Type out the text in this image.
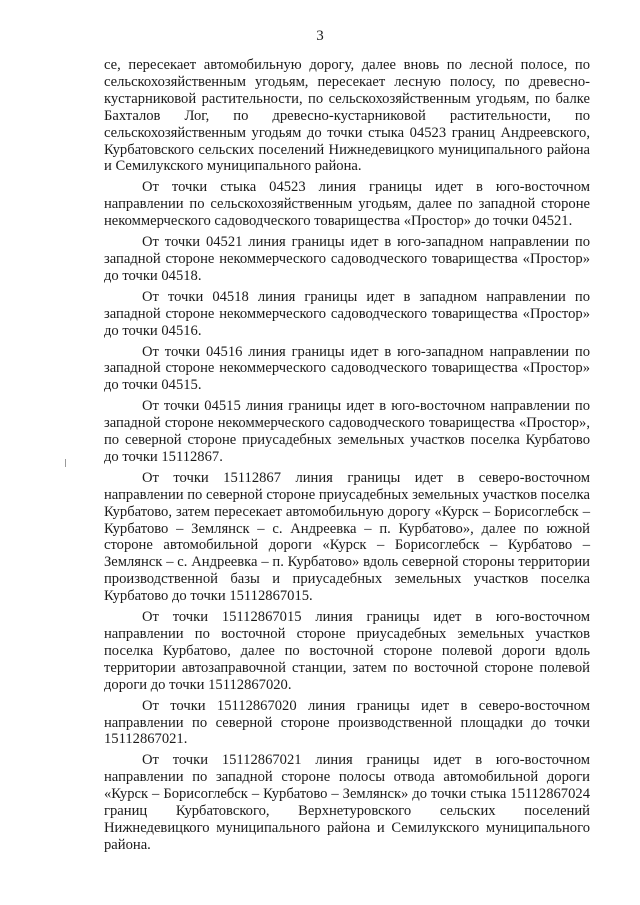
3

се, пересекает автомобильную дорогу, далее вновь по лесной полосе, по сельскохозяйственным угодьям, пересекает лесную полосу, по древесно-кустарниковой растительности, по сельскохозяйственным угодьям, по балке Бахталов Лог, по древесно-кустарниковой растительности, по сельскохозяйственным угодьям до точки стыка 04523 границ Андреевского, Курбатовского сельских поселений Нижнедевицкого муниципального района и Семилукского муниципального района.

От точки стыка 04523 линия границы идет в юго-восточном направлении по сельскохозяйственным угодьям, далее по западной стороне некоммерческого садоводческого товарищества «Простор» до точки 04521.

От точки 04521 линия границы идет в юго-западном направлении по западной стороне некоммерческого садоводческого товарищества «Простор» до точки 04518.

От точки 04518 линия границы идет в западном направлении по западной стороне некоммерческого садоводческого товарищества «Простор» до точки 04516.

От точки 04516 линия границы идет в юго-западном направлении по западной стороне некоммерческого садоводческого товарищества «Простор» до точки 04515.

От точки 04515 линия границы идет в юго-восточном направлении по западной стороне некоммерческого садоводческого товарищества «Простор», по северной стороне приусадебных земельных участков поселка Курбатово до точки 15112867.

От точки 15112867 линия границы идет в северо-восточном направлении по северной стороне приусадебных земельных участков поселка Курбатово, затем пересекает автомобильную дорогу «Курск – Борисоглебск – Курбатово – Землянск – с. Андреевка – п. Курбатово», далее по южной стороне автомобильной дороги «Курск – Борисоглебск – Курбатово – Землянск – с. Андреевка – п. Курбатово» вдоль северной стороны территории производственной базы и приусадебных земельных участков поселка Курбатово до точки 15112867015.

От точки 15112867015 линия границы идет в юго-восточном направлении по восточной стороне приусадебных земельных участков поселка Курбатово, далее по восточной стороне полевой дороги вдоль территории автозаправочной станции, затем по восточной стороне полевой дороги до точки 15112867020.

От точки 15112867020 линия границы идет в северо-восточном направлении по северной стороне производственной площадки до точки 15112867021.

От точки 15112867021 линия границы идет в юго-восточном направлении по западной стороне полосы отвода автомобильной дороги «Курск – Борисоглебск – Курбатово – Землянск» до точки стыка 15112867024 границ Курбатовского, Верхнетуровского сельских поселений Нижнедевицкого муниципального района и Семилукского муниципального района.
